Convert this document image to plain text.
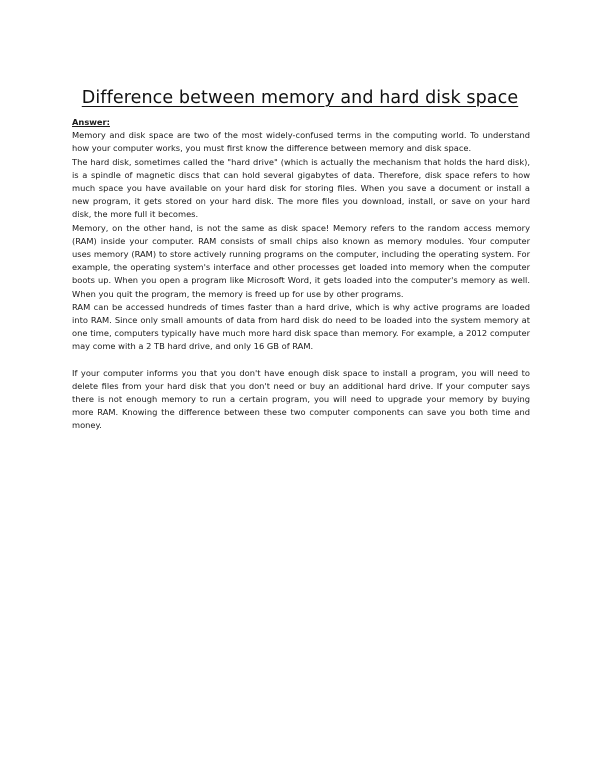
Difference between memory and hard disk space

Answer:

Memory and disk space are two of the most widely-confused terms in the computing world. To understand how your computer works, you must first know the difference between memory and disk space.

The hard disk, sometimes called the "hard drive" (which is actually the mechanism that holds the hard disk), is a spindle of magnetic discs that can hold several gigabytes of data. Therefore, disk space refers to how much space you have available on your hard disk for storing files. When you save a document or install a new program, it gets stored on your hard disk. The more files you download, install, or save on your hard disk, the more full it becomes.

Memory, on the other hand, is not the same as disk space! Memory refers to the random access memory (RAM) inside your computer. RAM consists of small chips also known as memory modules. Your computer uses memory (RAM) to store actively running programs on the computer, including the operating system. For example, the operating system's interface and other processes get loaded into memory when the computer boots up. When you open a program like Microsoft Word, it gets loaded into the computer's memory as well. When you quit the program, the memory is freed up for use by other programs.

RAM can be accessed hundreds of times faster than a hard drive, which is why active programs are loaded into RAM. Since only small amounts of data from hard disk do need to be loaded into the system memory at one time, computers typically have much more hard disk space than memory. For example, a 2012 computer may come with a 2 TB hard drive, and only 16 GB of RAM.

If your computer informs you that you don't have enough disk space to install a program, you will need to delete files from your hard disk that you don't need or buy an additional hard drive. If your computer says there is not enough memory to run a certain program, you will need to upgrade your memory by buying more RAM. Knowing the difference between these two computer components can save you both time and money.
